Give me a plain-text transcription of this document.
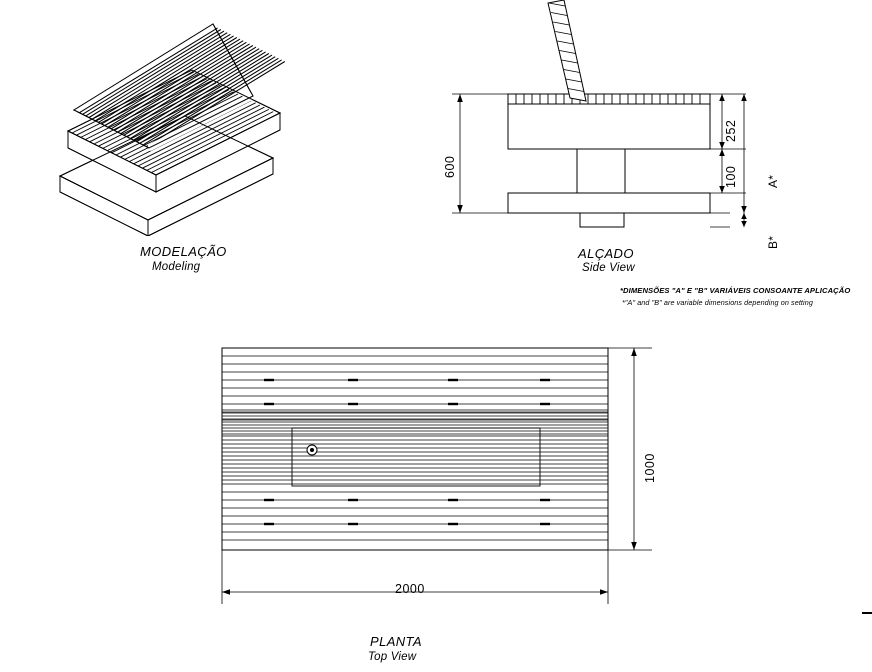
MODELAÇÃO
Modeling
600
252
100 A*
B*
ALÇADO
Side View
*DIMENSÕES "A" E "B" VARIÁVEIS CONSOANTE APLICAÇÃO
*"A" and "B" are variable dimensions depending on setting
1000
2000
PLANTA
Top View
